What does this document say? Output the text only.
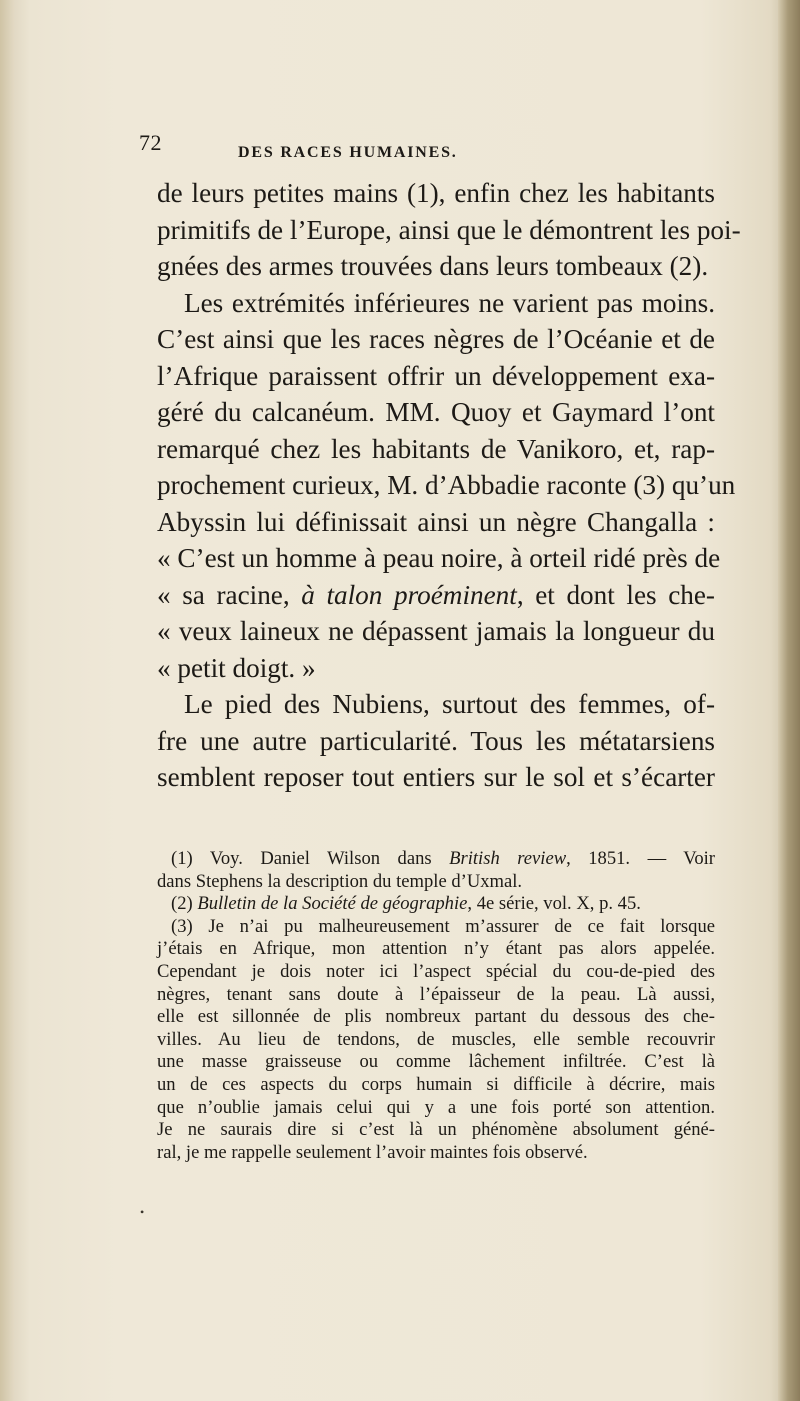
72	DES RACES HUMAINES.
de leurs petites mains (1), enfin chez les habitants
primitifs de l’Europe, ainsi que le démontrent les poi-
gnées des armes trouvées dans leurs tombeaux (2).
Les extrémités inférieures ne varient pas moins.
C’est ainsi que les races nègres de l’Océanie et de
l’Afrique paraissent offrir un développement exa-
géré du calcanéum. MM. Quoy et Gaymard l’ont
remarqué chez les habitants de Vanikoro, et, rap-
prochement curieux, M. d’Abbadie raconte (3) qu’un
Abyssin lui définissait ainsi un nègre Changalla :
« C’est un homme à peau noire, à orteil ridé près de
« sa racine, à talon proéminent, et dont les che-
« veux laineux ne dépassent jamais la longueur du
« petit doigt. »
Le pied des Nubiens, surtout des femmes, of-
fre une autre particularité. Tous les métatarsiens
semblent reposer tout entiers sur le sol et s’écarter
(1) Voy. Daniel Wilson dans British review, 1851. — Voir
dans Stephens la description du temple d’Uxmal.
(2) Bulletin de la Société de géographie, 4e série, vol. X, p. 45.
(3) Je n’ai pu malheureusement m’assurer de ce fait lorsque
j’étais en Afrique, mon attention n’y étant pas alors appelée.
Cependant je dois noter ici l’aspect spécial du cou-de-pied des
nègres, tenant sans doute à l’épaisseur de la peau. Là aussi,
elle est sillonnée de plis nombreux partant du dessous des che-
villes. Au lieu de tendons, de muscles, elle semble recouvrir
une masse graisseuse ou comme lâchement infiltrée. C’est là
un de ces aspects du corps humain si difficile à décrire, mais
que n’oublie jamais celui qui y a une fois porté son attention.
Je ne saurais dire si c’est là un phénomène absolument géné-
ral, je me rappelle seulement l’avoir maintes fois observé.
•
